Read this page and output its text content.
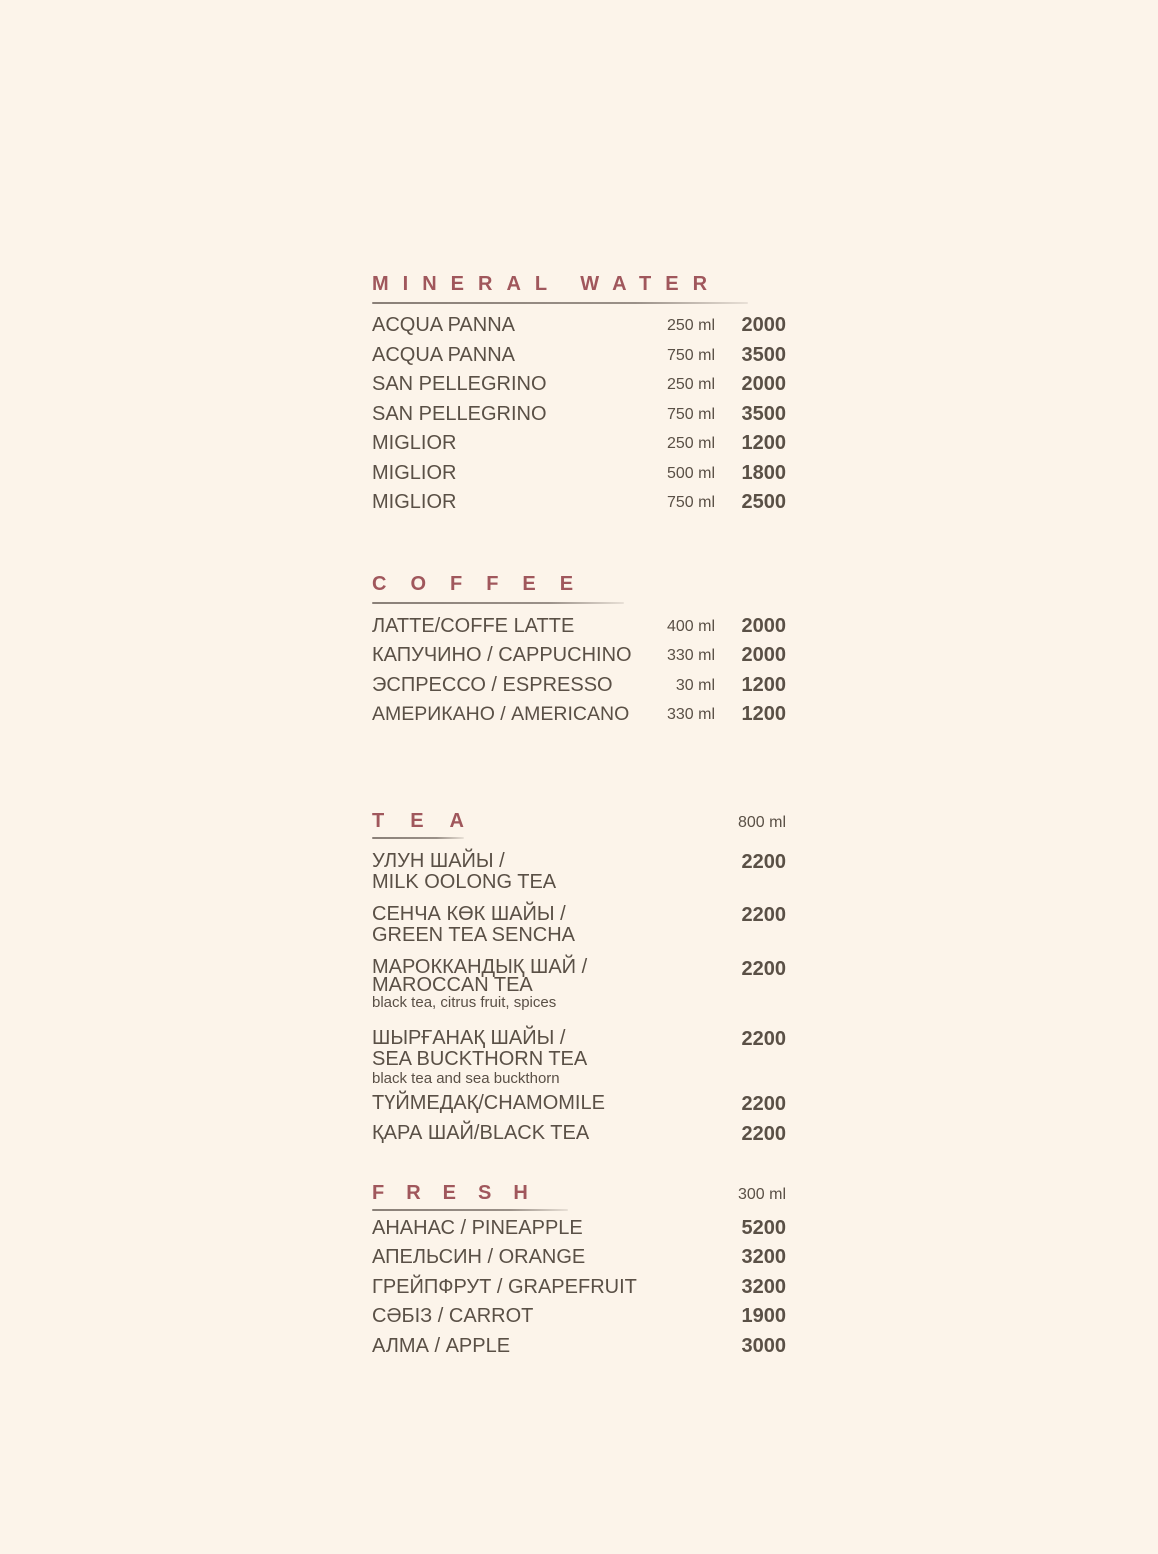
MINERAL WATER
ACQUA PANNA	250 ml 2000
ACQUA PANNA	750 ml 3500
SAN PELLEGRINO	250 ml 2000
SAN PELLEGRINO	750 ml 3500
MIGLIOR	250 ml 1200
MIGLIOR	500 ml 1800
MIGLIOR	750 ml 2500
COFFEE
ЛАТТЕ/COFFE LATTE	400 ml 2000
КАПУЧИНО / CAPPUCHINO 330 ml 2000
ЭСПРЕССО / ESPRESSO	30 ml 1200
АМЕРИКАНО / AMERICANO 330 ml 1200
TEA	800 ml
УЛУН ШАЙЫ /
MILK OOLONG TEA
2200
СЕНЧА КӨК ШАЙЫ /
GREEN TEA SENCHA
2200
МАРОККАНДЫҚ ШАЙ /
MAROCCAN TEA
black tea, citrus fruit, spices
2200
ШЫРҒАНАҚ ШАЙЫ /
SEA BUCKTHORN TEA
black tea and sea buckthorn
2200
ТҮЙМЕДАҚ/CHAMOMILE	2200
ҚАРА ШАЙ/BLACK TEA	2200
FRESH	300 ml
АНАНАС / PINEAPPLE	5200
АПЕЛЬСИН / ORANGE	3200
ГРЕЙПФРУТ / GRAPEFRUIT	3200
СӘБІЗ / CARROT	1900
АЛМА / APPLE	3000
